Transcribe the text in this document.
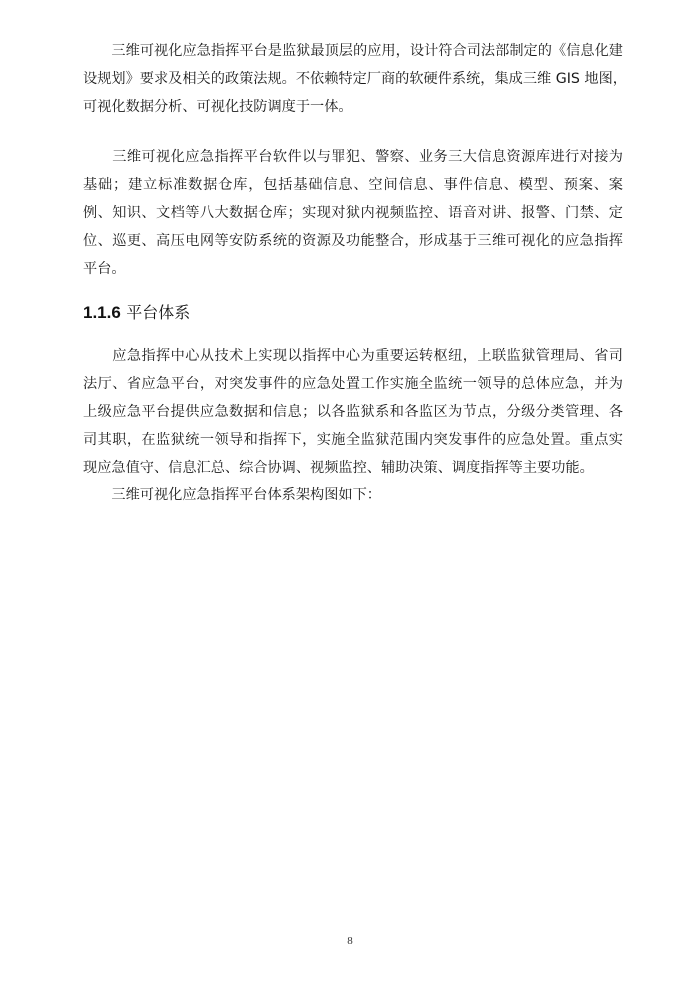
　　三维可视化应急指挥平台是监狱最顶层的应用，设计符合司法部制定的《信息化建
设规划》要求及相关的政策法规。不依赖特定厂商的软硬件系统，集成三维 GIS 地图，
可视化数据分析、可视化技防调度于一体。
　　三维可视化应急指挥平台软件以与罪犯、警察、业务三大信息资源库进行对接为
基础；建立标准数据仓库，包括基础信息、空间信息、事件信息、模型、预案、案
例、知识、文档等八大数据仓库；实现对狱内视频监控、语音对讲、报警、门禁、定
位、巡更、高压电网等安防系统的资源及功能整合，形成基于三维可视化的应急指挥
平台。
1.1.6 平台体系
　　应急指挥中心从技术上实现以指挥中心为重要运转枢纽，上联监狱管理局、省司
法厅、省应急平台，对突发事件的应急处置工作实施全监统一领导的总体应急，并为
上级应急平台提供应急数据和信息；以各监狱系和各监区为节点，分级分类管理、各
司其职，在监狱统一领导和指挥下，实施全监狱范围内突发事件的应急处置。重点实
现应急值守、信息汇总、综合协调、视频监控、辅助决策、调度指挥等主要功能。
　　三维可视化应急指挥平台体系架构图如下：
8
